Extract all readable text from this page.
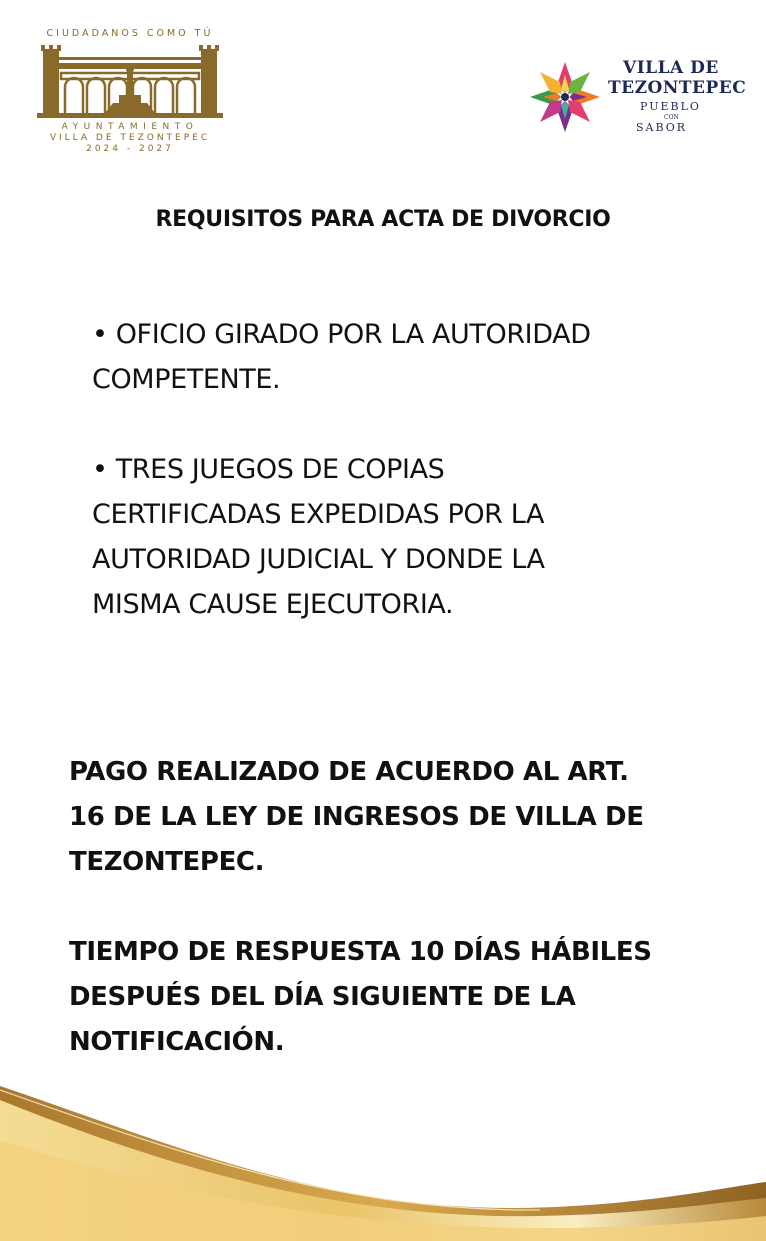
CIUDADANOS COMO TÚ
AYUNTAMIENTO
VILLA DE TEZONTEPEC
2024 - 2027
VILLA DE
TEZONTEPEC
PUEBLO
CON
SABOR
REQUISITOS PARA ACTA DE DIVORCIO

• OFICIO GIRADO POR LA AUTORIDAD
COMPETENTE.

• TRES JUEGOS DE COPIAS
CERTIFICADAS EXPEDIDAS POR LA
AUTORIDAD JUDICIAL Y DONDE LA
MISMA CAUSE EJECUTORIA.

PAGO REALIZADO DE ACUERDO AL ART.
16 DE LA LEY DE INGRESOS DE VILLA DE
TEZONTEPEC.

TIEMPO DE RESPUESTA 10 DÍAS HÁBILES
DESPUÉS DEL DÍA SIGUIENTE DE LA
NOTIFICACIÓN.
